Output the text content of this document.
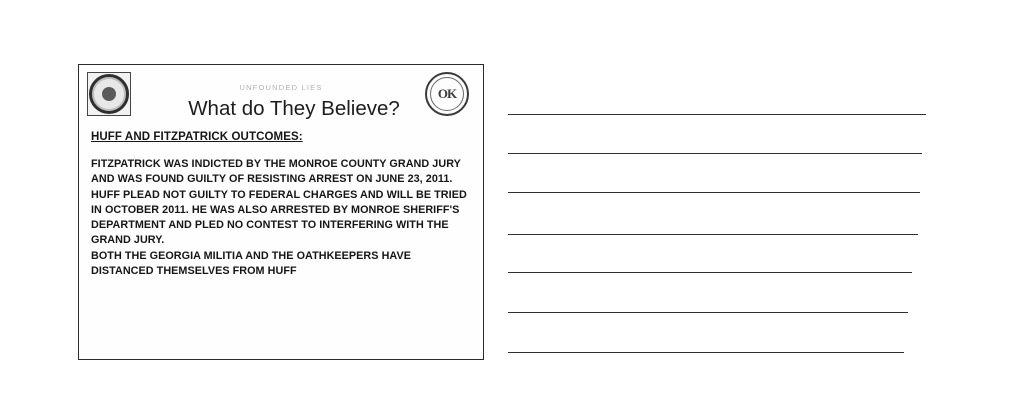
OK
UNFOUNDED LIES
What do They Believe?
HUFF AND FITZPATRICK OUTCOMES:

FITZPATRICK WAS INDICTED BY THE MONROE COUNTY GRAND JURY AND WAS FOUND GUILTY OF RESISTING ARREST ON JUNE 23, 2011.

HUFF PLEAD NOT GUILTY TO FEDERAL CHARGES AND WILL BE TRIED IN OCTOBER 2011. HE WAS ALSO ARRESTED BY MONROE SHERIFF'S DEPARTMENT AND PLED NO CONTEST TO INTERFERING WITH THE GRAND JURY.

BOTH THE GEORGIA MILITIA AND THE OATHKEEPERS HAVE DISTANCED THEMSELVES FROM HUFF
